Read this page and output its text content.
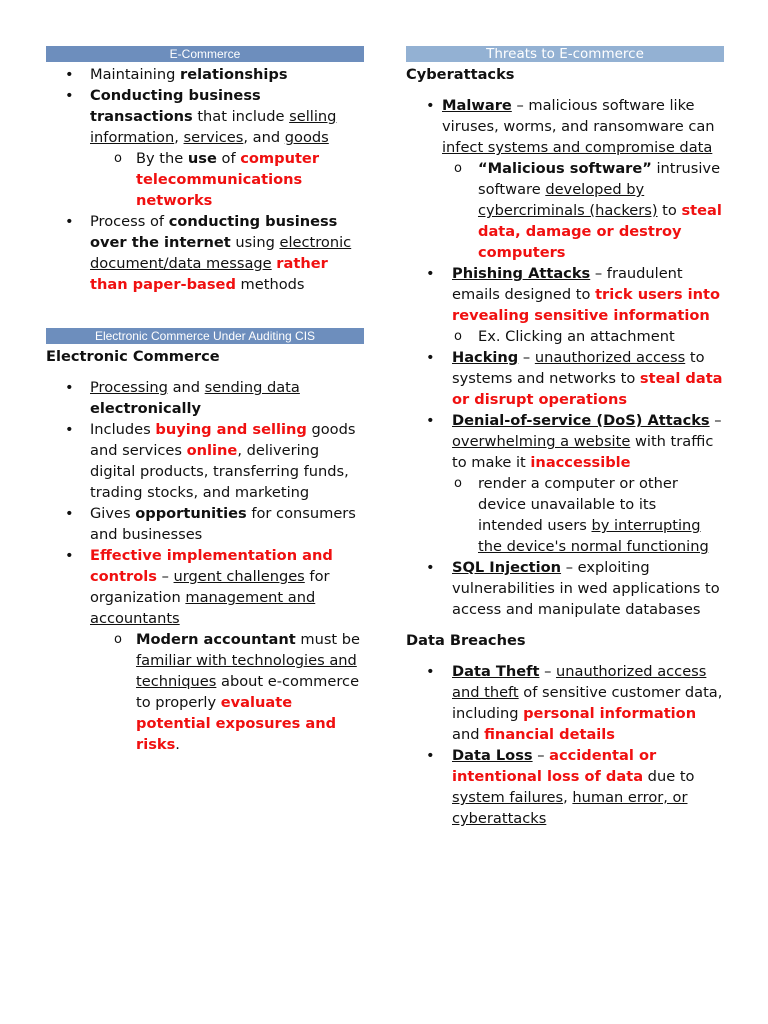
E-Commerce
• Maintaining relationships
• Conducting business transactions that include selling information, services, and goods
o By the use of computer telecommunications networks
• Process of conducting business over the internet using electronic document/data message rather than paper-based methods
Electronic Commerce Under Auditing CIS

Electronic Commerce

• Processing and sending data electronically
• Includes buying and selling goods and services online, delivering digital products, transferring funds, trading stocks, and marketing
• Gives opportunities for consumers and businesses
• Effective implementation and controls – urgent challenges for organization management and accountants
o Modern accountant must be familiar with technologies and techniques about e-commerce to properly evaluate potential exposures and risks.
Threats to E-commerce

Cyberattacks

• Malware – malicious software like viruses, worms, and ransomware can infect systems and compromise data
o “Malicious software” intrusive software developed by cybercriminals (hackers) to steal data, damage or destroy computers
• Phishing Attacks – fraudulent emails designed to trick users into revealing sensitive information
o Ex. Clicking an attachment
• Hacking – unauthorized access to systems and networks to steal data or disrupt operations
• Denial-of-service (DoS) Attacks – overwhelming a website with traffic to make it inaccessible
o render a computer or other device unavailable to its intended users by interrupting the device's normal functioning
• SQL Injection – exploiting vulnerabilities in wed applications to access and manipulate databases

Data Breaches

• Data Theft – unauthorized access and theft of sensitive customer data, including personal information and financial details
• Data Loss – accidental or intentional loss of data due to system failures, human error, or cyberattacks
